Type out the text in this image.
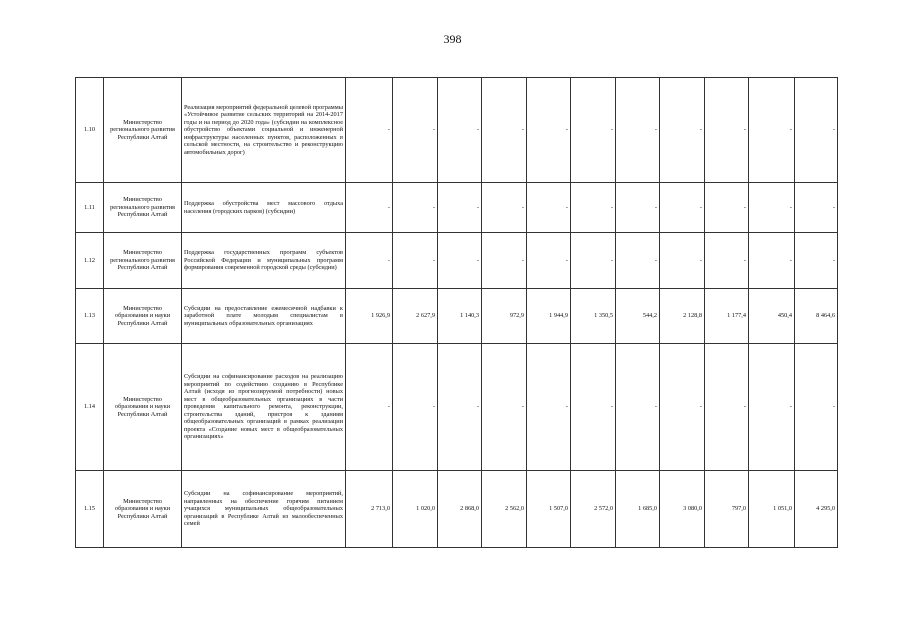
398
1.10	Министерство регионального развития Республики Алтай	Реализация мероприятий федеральной целевой программы «Устойчивое развитие сельских территорий на 2014-2017 годы и на период до 2020 года» (субсидии на комплексное обустройство объектами социальной и инженерной инфраструктуры населенных пунктов, расположенных в сельской местности, на строительство и реконструкцию автомобильных дорог)	-	-	-	-	-	-	-	-	-	-	-
1.11	Министерство регионального развития Республики Алтай	Поддержка обустройства мест массового отдыха населения (городских парков) (субсидии)	-	-	-	-	-	-	-	-	-	-	-
1.12	Министерство регионального развития Республики Алтай	Поддержка государственных программ субъектов Российской Федерации и муниципальных программ формирования современной городской среды (субсидии)	-	-	-	-	-	-	-	-	-	-	-
1.13	Министерство образования и науки Республики Алтай	Субсидии на предоставление ежемесячной надбавки к заработной плате молодым специалистам в муниципальных образовательных организациях	1 926,9	2 627,9	1 140,3	972,9	1 944,9	1 350,5	544,2	2 128,8	1 177,4	450,4	8 464,6
1.14	Министерство образования и науки Республики Алтай	Субсидии на софинансирование расходов на реализацию мероприятий по содействию созданию в Республике Алтай (исходя из прогнозируемой потребности) новых мест в общеобразовательных организациях в части проведения капитального ремонта, реконструкции, строительства зданий, пристроя к зданиям общеобразовательных организаций в рамках реализации проекта «Создание новых мест в общеобразовательных организациях»	-	-	-	-	-	-	-	-	-	-	-
1.15	Министерство образования и науки Республики Алтай	Субсидии на софинансирование мероприятий, направленных на обеспечение горячим питанием учащихся муниципальных общеобразовательных организаций в Республике Алтай из малообеспеченных семей	2 713,0	1 020,0	2 868,0	2 562,0	1 507,0	2 572,0	1 685,0	3 080,0	797,0	1 051,0	4 295,0
